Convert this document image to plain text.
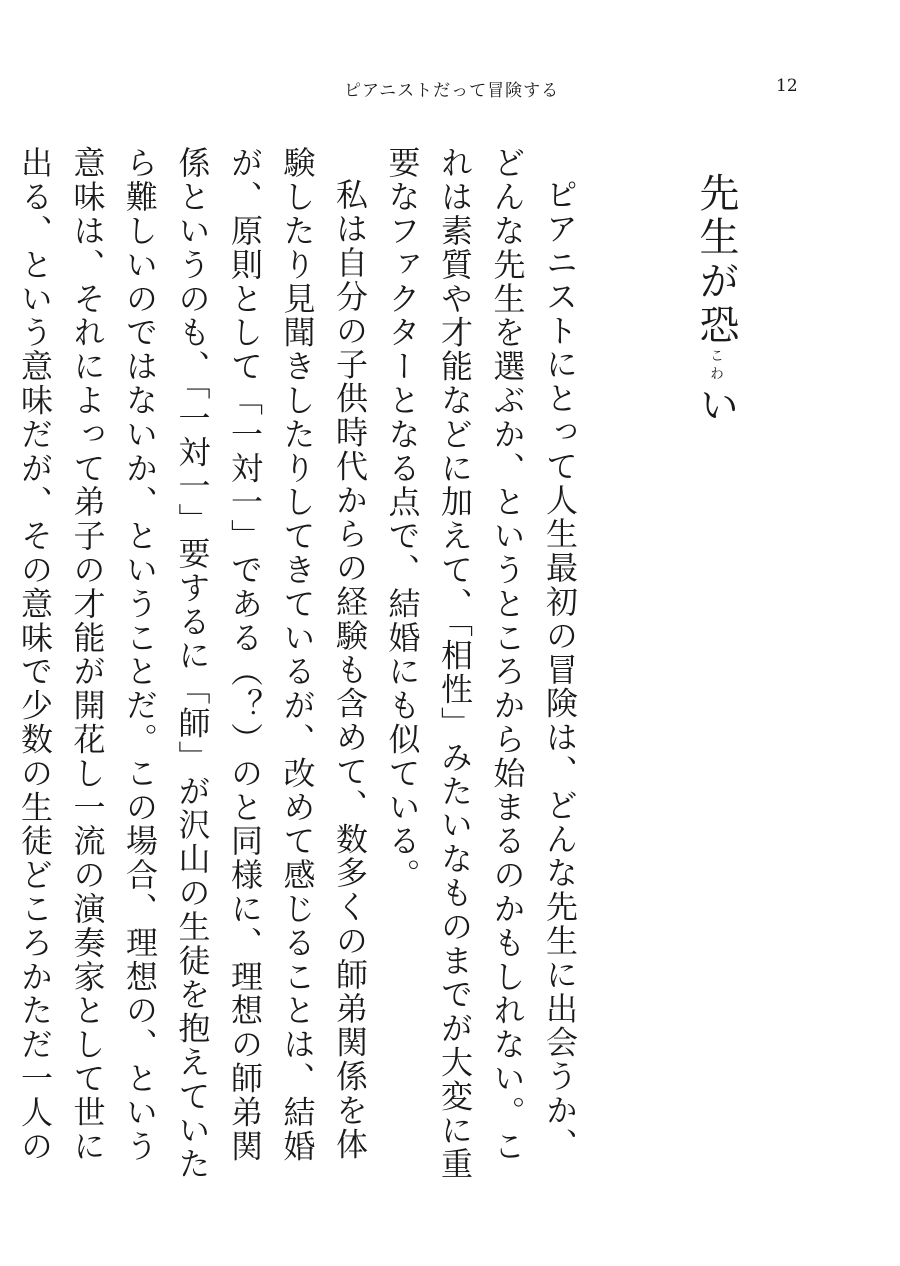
ピアニストだって冒険する	12
先生が恐こわい

ピアニストにとって人生最初の冒険は、どんな先生に出会うか、どんな先生を選ぶか、というところから始まるのかもしれない。これは素質や才能などに加えて、「相性」みたいなものまでが大変に重要なファクターとなる点で、結婚にも似ている。

私は自分の子供時代からの経験も含めて、数多くの師弟関係を体験したり見聞きしたりしてきているが、改めて感じることは、結婚が、原則として「一対一」である（？）のと同様に、理想の師弟関係というのも、「一対一」要するに「師」が沢山の生徒を抱えていたら難しいのではないか、ということだ。この場合、理想の、という意味は、それによって弟子の才能が開花し一流の演奏家として世に出る、という意味だが、その意味で少数の生徒どころかただ一人の
